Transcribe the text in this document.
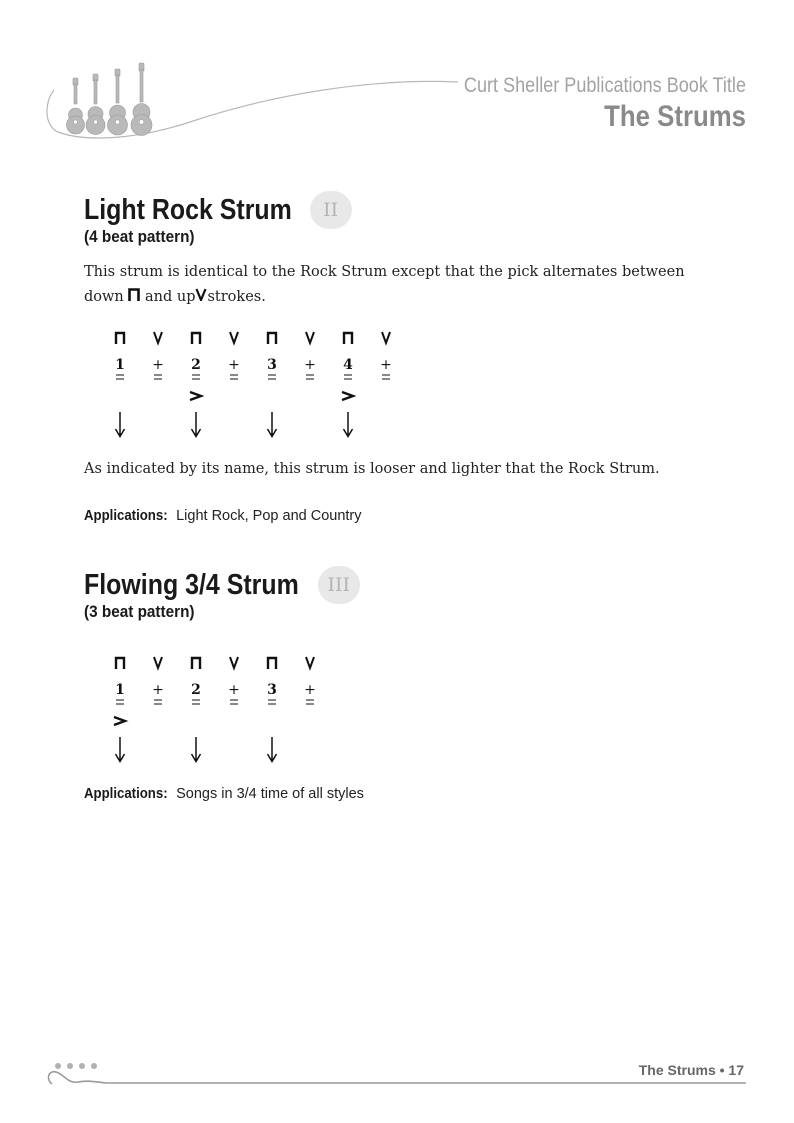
Curt Sheller Publications Book Title
The Strums
Light Rock Strum	II
(4 beat pattern)
This strum is identical to the Rock Strum except that the pick alternates between
down and up strokes.
1 + 2 + 3 + 4 +
As indicated by its name, this strum is looser and lighter that the Rock Strum.
Applications: Light Rock, Pop and Country
Flowing 3/4 Strum	III
(3 beat pattern)
1 + 2 + 3 +
Applications: Songs in 3/4 time of all styles
The Strums • 17
